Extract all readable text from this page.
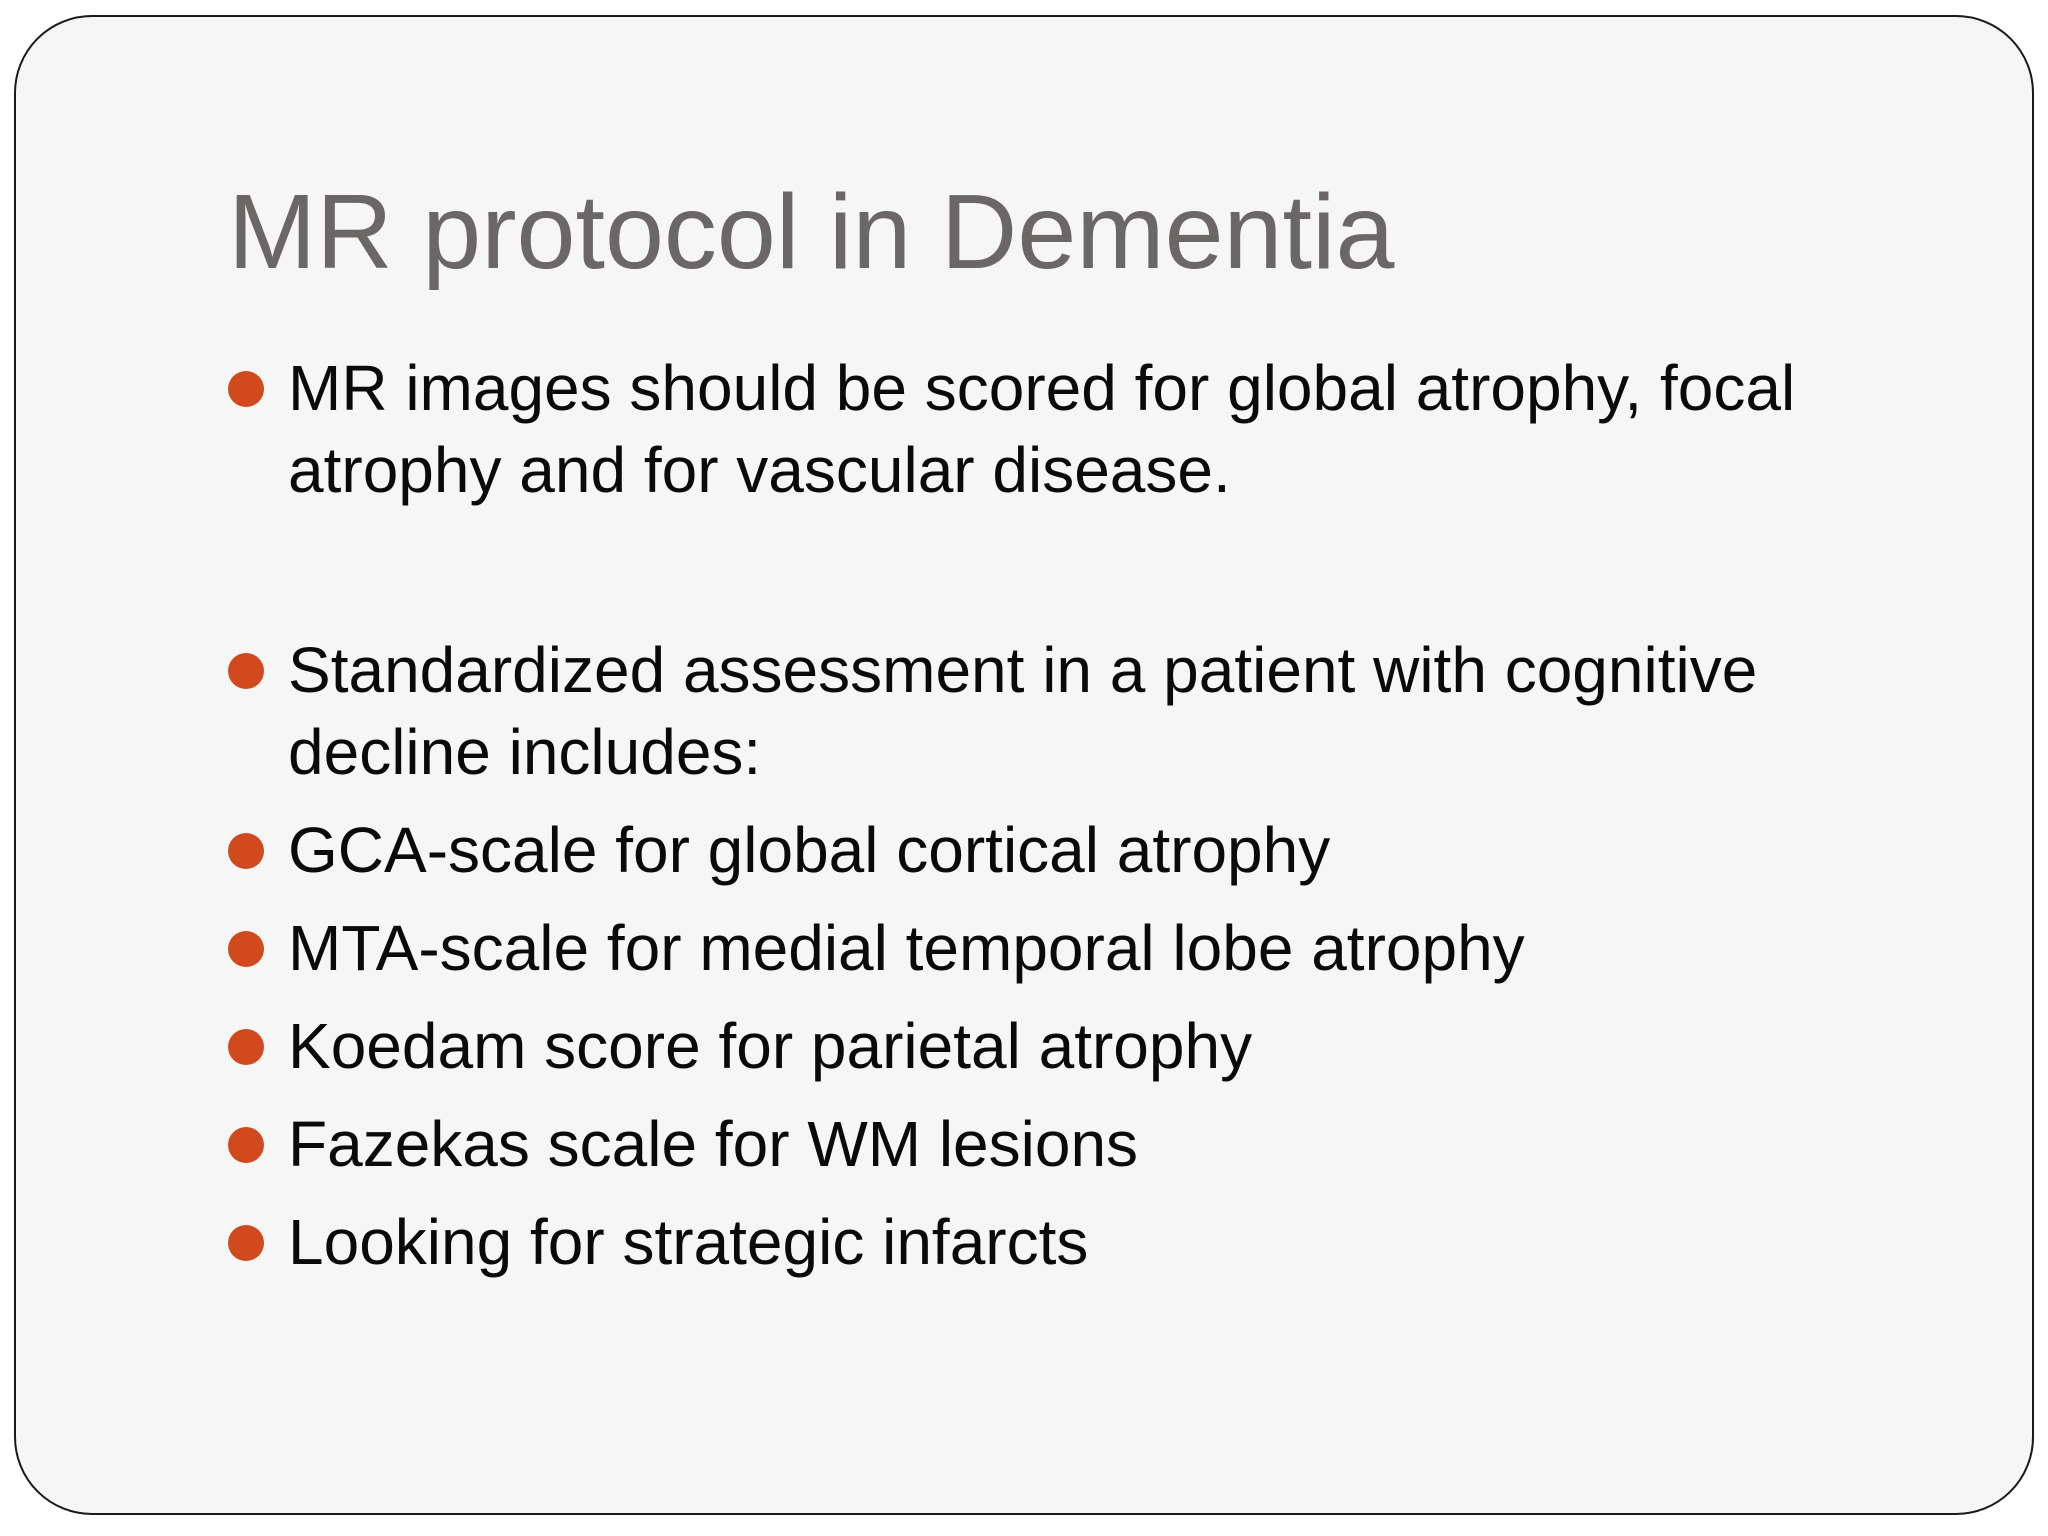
MR protocol in Dementia
MR images should be scored for global atrophy, focal atrophy and for vascular disease.
Standardized assessment in a patient with cognitive decline includes:
GCA-scale for global cortical atrophy
MTA-scale for medial temporal lobe atrophy
Koedam score for parietal atrophy
Fazekas scale for WM lesions
Looking for strategic infarcts
